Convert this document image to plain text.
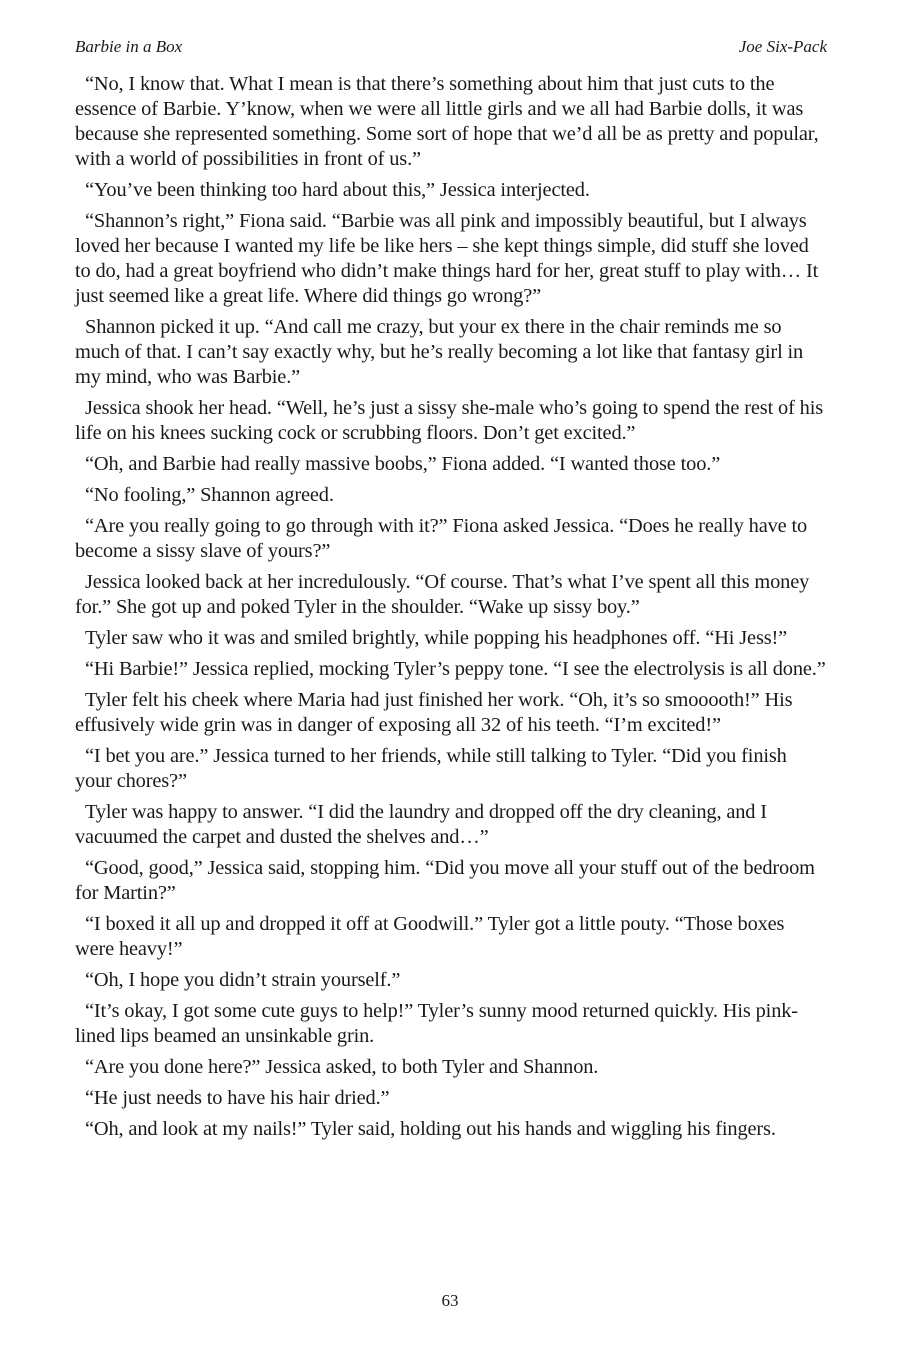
Barbie in a Box	Joe Six-Pack

“No, I know that. What I mean is that there’s something about him that just cuts to the essence of Barbie. Y’know, when we were all little girls and we all had Barbie dolls, it was because she represented something. Some sort of hope that we’d all be as pretty and popular, with a world of possibilities in front of us.”

“You’ve been thinking too hard about this,” Jessica interjected.

“Shannon’s right,” Fiona said. “Barbie was all pink and impossibly beautiful, but I always loved her because I wanted my life be like hers – she kept things simple, did stuff she loved to do, had a great boyfriend who didn’t make things hard for her, great stuff to play with… It just seemed like a great life. Where did things go wrong?”

Shannon picked it up. “And call me crazy, but your ex there in the chair reminds me so much of that. I can’t say exactly why, but he’s really becoming a lot like that fantasy girl in my mind, who was Barbie.”

Jessica shook her head. “Well, he’s just a sissy she-male who’s going to spend the rest of his life on his knees sucking cock or scrubbing floors. Don’t get excited.”

“Oh, and Barbie had really massive boobs,” Fiona added. “I wanted those too.”

“No fooling,” Shannon agreed.

“Are you really going to go through with it?” Fiona asked Jessica. “Does he really have to become a sissy slave of yours?”

Jessica looked back at her incredulously. “Of course. That’s what I’ve spent all this money for.” She got up and poked Tyler in the shoulder. “Wake up sissy boy.”

Tyler saw who it was and smiled brightly, while popping his headphones off. “Hi Jess!”

“Hi Barbie!” Jessica replied, mocking Tyler’s peppy tone. “I see the electrolysis is all done.”

Tyler felt his cheek where Maria had just finished her work. “Oh, it’s so smooooth!” His effusively wide grin was in danger of exposing all 32 of his teeth. “I’m excited!”

“I bet you are.” Jessica turned to her friends, while still talking to Tyler. “Did you finish your chores?”

Tyler was happy to answer. “I did the laundry and dropped off the dry cleaning, and I vacuumed the carpet and dusted the shelves and…”

“Good, good,” Jessica said, stopping him. “Did you move all your stuff out of the bedroom for Martin?”

“I boxed it all up and dropped it off at Goodwill.” Tyler got a little pouty. “Those boxes were heavy!”

“Oh, I hope you didn’t strain yourself.”

“It’s okay, I got some cute guys to help!” Tyler’s sunny mood returned quickly. His pink-lined lips beamed an unsinkable grin.

“Are you done here?” Jessica asked, to both Tyler and Shannon.

“He just needs to have his hair dried.”

“Oh, and look at my nails!” Tyler said, holding out his hands and wiggling his fingers.

63
